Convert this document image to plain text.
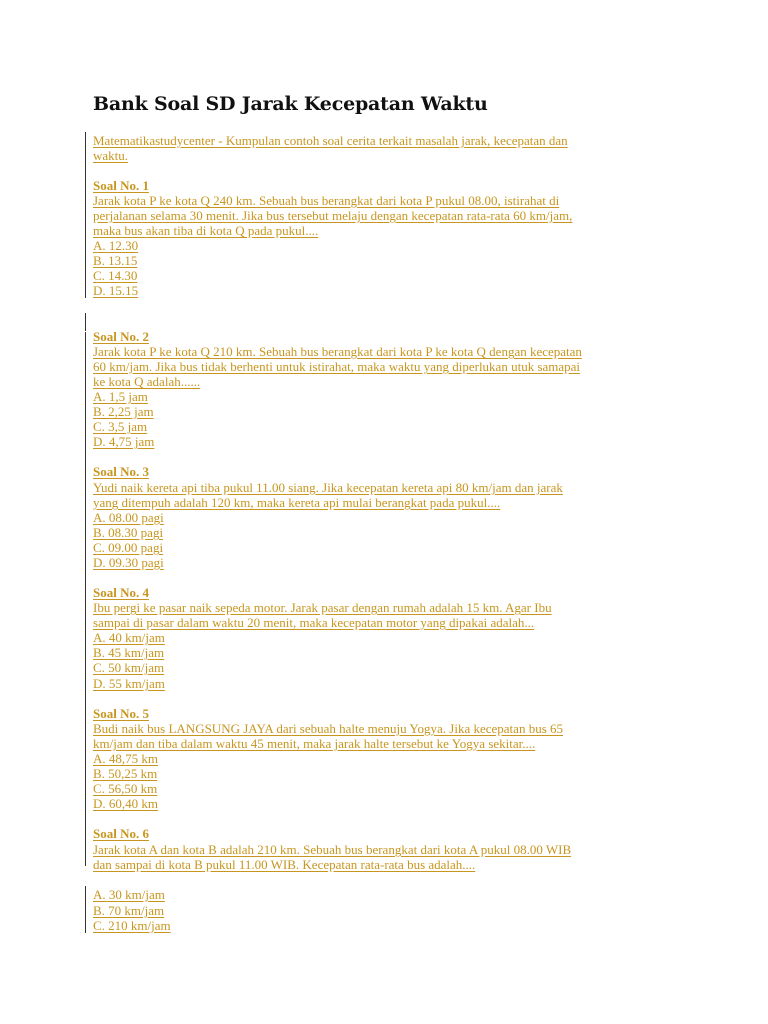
Bank Soal SD Jarak Kecepatan Waktu
Matematikastudycenter - Kumpulan contoh soal cerita terkait masalah jarak, kecepatan dan
waktu.
Soal No. 1
Jarak kota P ke kota Q 240 km. Sebuah bus berangkat dari kota P pukul 08.00, istirahat di
perjalanan selama 30 menit. Jika bus tersebut melaju dengan kecepatan rata-rata 60 km/jam,
maka bus akan tiba di kota Q pada pukul....
A. 12.30
B. 13.15
C. 14.30
D. 15.15
Soal No. 2
Jarak kota P ke kota Q 210 km. Sebuah bus berangkat dari kota P ke kota Q dengan kecepatan
60 km/jam. Jika bus tidak berhenti untuk istirahat, maka waktu yang diperlukan utuk samapai
ke kota Q adalah......
A. 1,5 jam
B. 2,25 jam
C. 3,5 jam
D. 4,75 jam
Soal No. 3
Yudi naik kereta api tiba pukul 11.00 siang. Jika kecepatan kereta api 80 km/jam dan jarak
yang ditempuh adalah 120 km, maka kereta api mulai berangkat pada pukul....
A. 08.00 pagi
B. 08.30 pagi
C. 09.00 pagi
D. 09.30 pagi
Soal No. 4
Ibu pergi ke pasar naik sepeda motor. Jarak pasar dengan rumah adalah 15 km. Agar Ibu
sampai di pasar dalam waktu 20 menit, maka kecepatan motor yang dipakai adalah...
A. 40 km/jam
B. 45 km/jam
C. 50 km/jam
D. 55 km/jam
Soal No. 5
Budi naik bus LANGSUNG JAYA dari sebuah halte menuju Yogya. Jika kecepatan bus 65
km/jam dan tiba dalam waktu 45 menit, maka jarak halte tersebut ke Yogya sekitar....
A. 48,75 km
B. 50,25 km
C. 56,50 km
D. 60,40 km
Soal No. 6
Jarak kota A dan kota B adalah 210 km. Sebuah bus berangkat dari kota A pukul 08.00 WIB
dan sampai di kota B pukul 11.00 WIB. Kecepatan rata-rata bus adalah....
A. 30 km/jam
B. 70 km/jam
C. 210 km/jam
